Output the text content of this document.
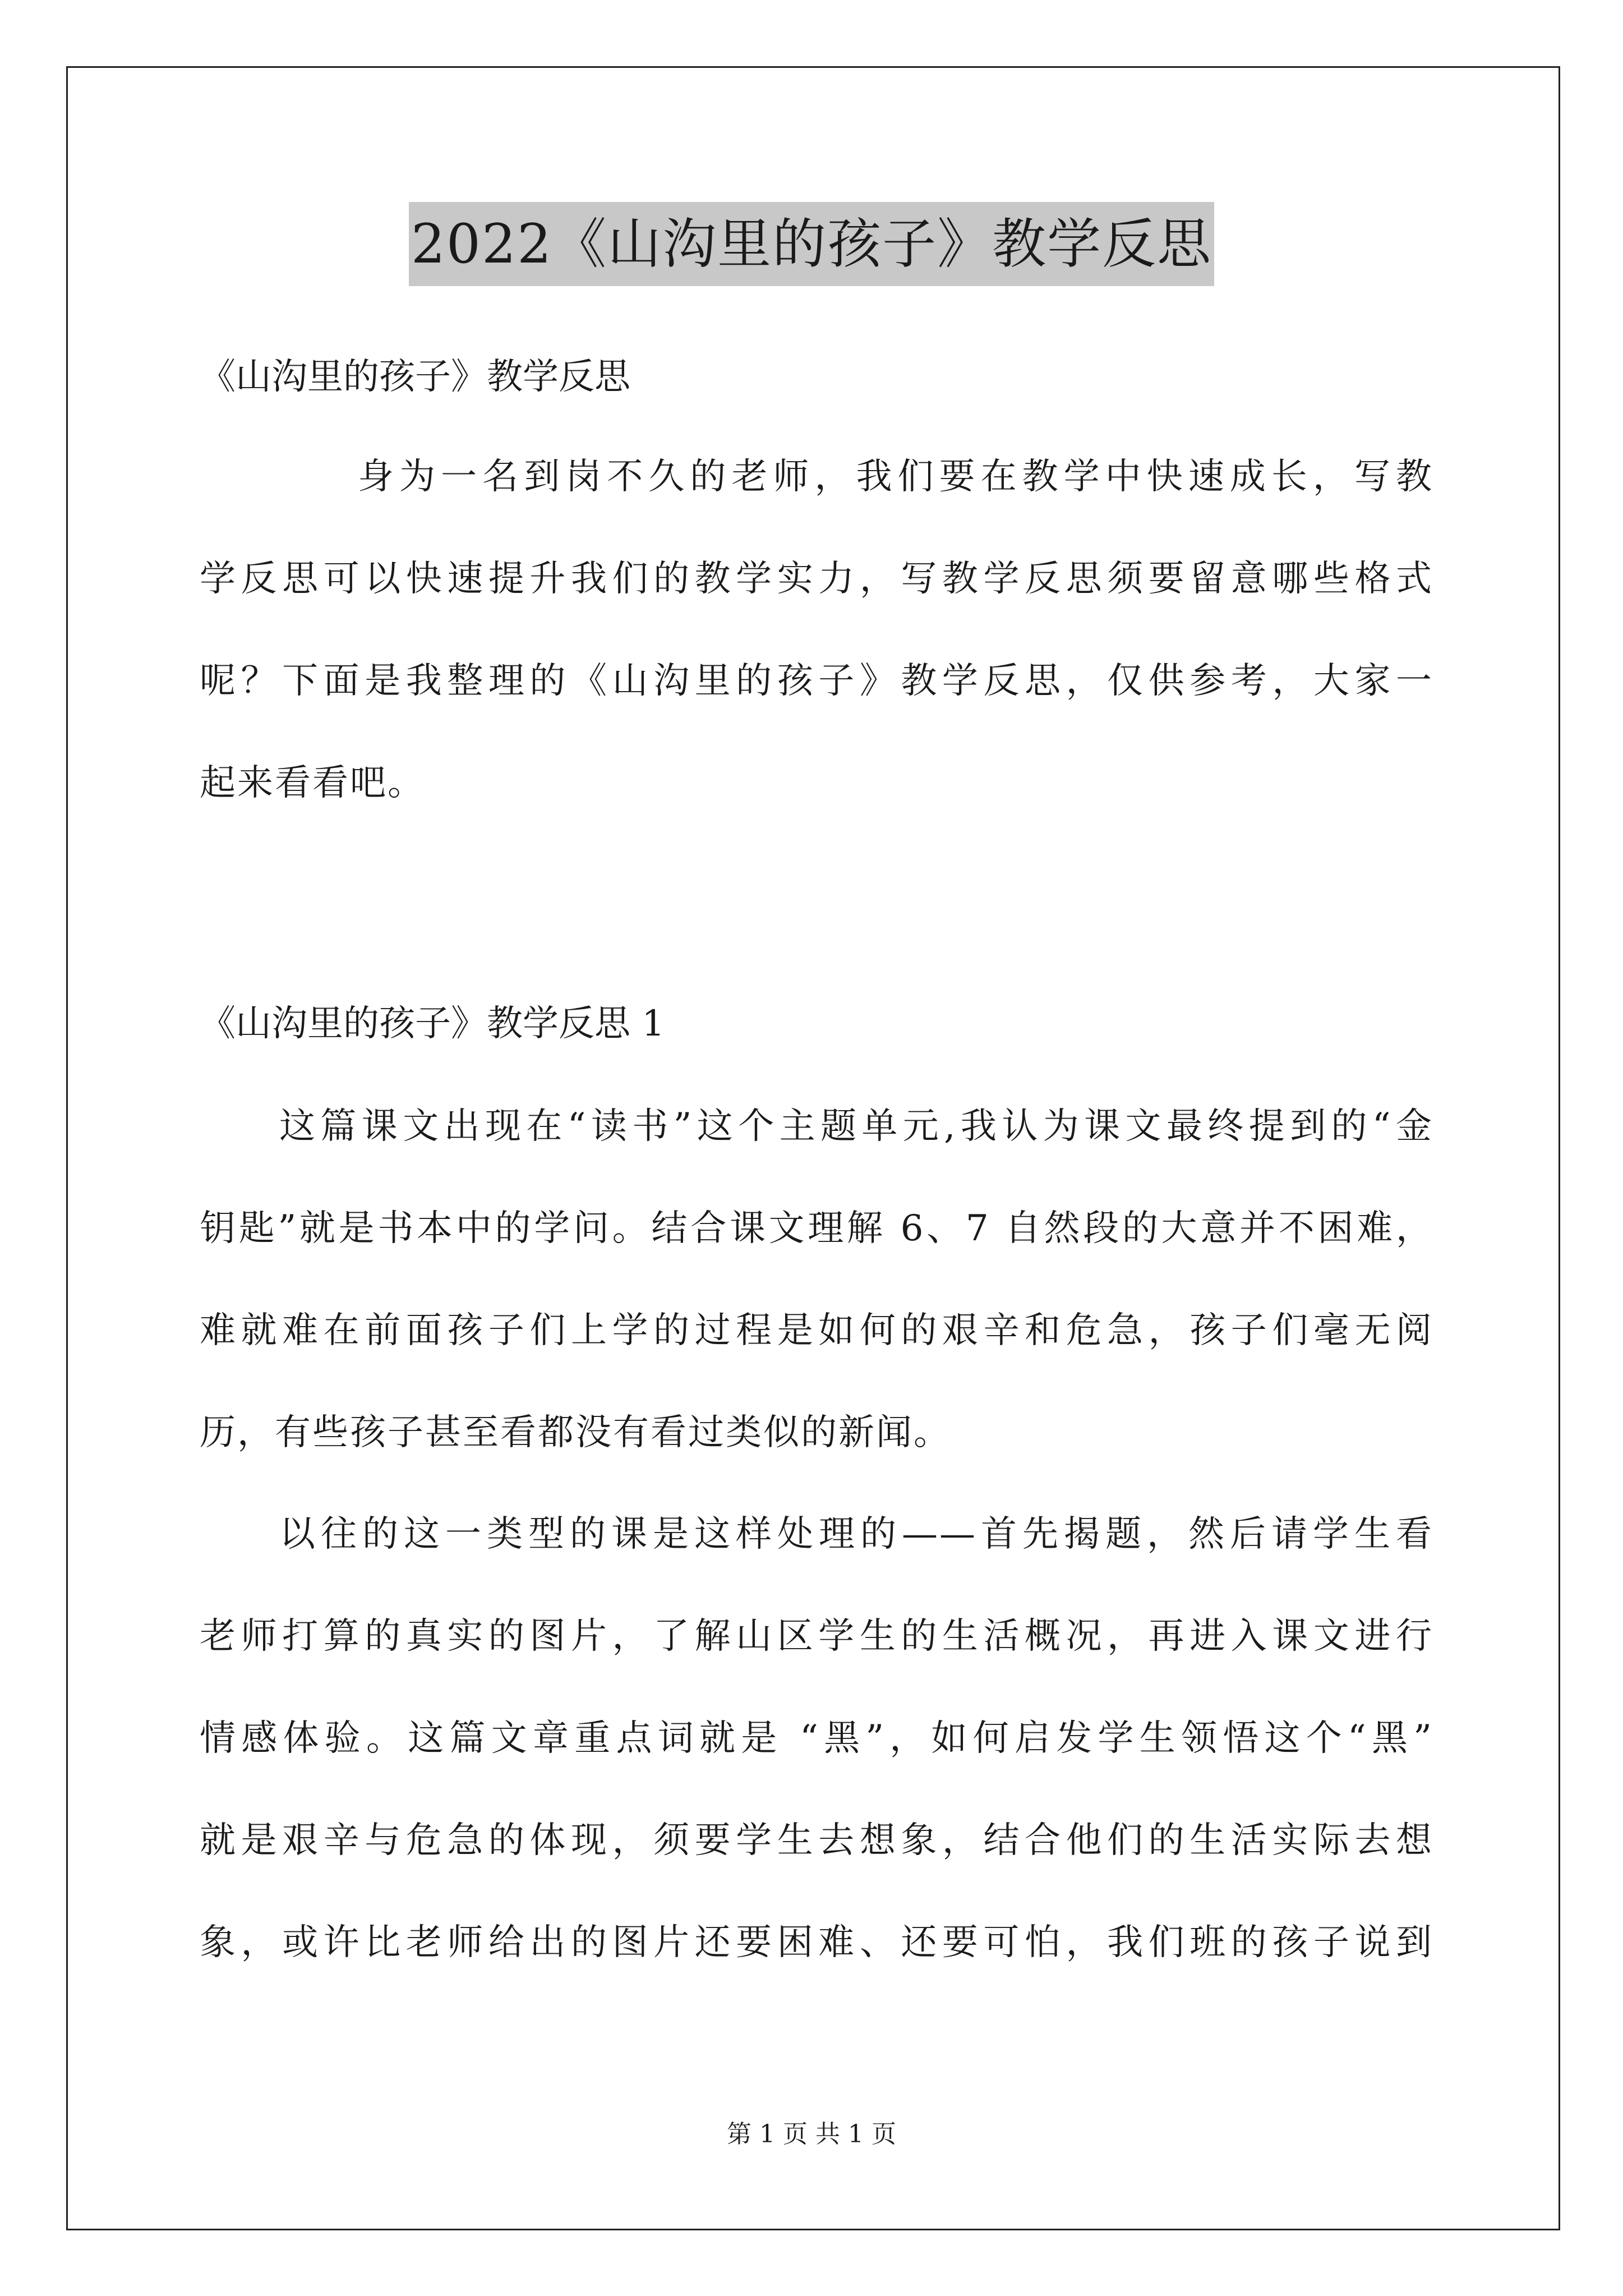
2022《山沟里的孩子》教学反思
《山沟里的孩子》教学反思
身为一名到岗不久的老师，我们要在教学中快速成长，写教
学反思可以快速提升我们的教学实力，写教学反思须要留意哪些格式
呢？下面是我整理的《山沟里的孩子》教学反思，仅供参考，大家一
起来看看吧。
《山沟里的孩子》教学反思 1
这篇课文出现在“读书”这个主题单元,我认为课文最终提到的“金
钥匙”就是书本中的学问。结合课文理解 6、7 自然段的大意并不困难，
难就难在前面孩子们上学的过程是如何的艰辛和危急，孩子们毫无阅
历，有些孩子甚至看都没有看过类似的新闻。
以往的这一类型的课是这样处理的——首先揭题，然后请学生看
老师打算的真实的图片，了解山区学生的生活概况，再进入课文进行
情感体验。这篇文章重点词就是 “黑”，如何启发学生领悟这个“黑”
就是艰辛与危急的体现，须要学生去想象，结合他们的生活实际去想
象，或许比老师给出的图片还要困难、还要可怕，我们班的孩子说到
第 1 页 共 1 页
